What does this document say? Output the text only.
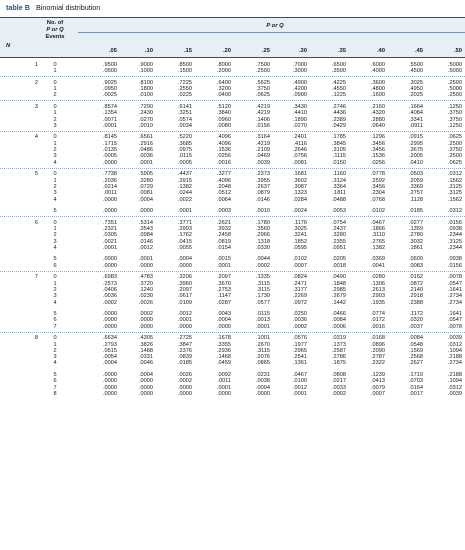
table B Binomial distribution
N
No. of
P or Q
Events
P or Q
.05	.10	.15	.20	.25	.30	.35	.40	.45	.50
1	0	.9500	.9000	.8500	.8000	.7500	.7000	.6500	.6000	.5500	.5000
1	.0500	.1000	.1500	.2000	.2500	.3000	.3500	.4000	.4500	.5000
2	0	.9025	.8100	.7225	.6400	.5625	.4900	.4225	.3600	.3025	.2500
1	.0950	.1800	.2550	.3200	.3750	.4200	.4550	.4800	.4950	.5000
2	.0025	.0100	.0225	.0400	.0625	.0900	.1225	.1600	.2025	.2500
3	0	.8574	.7290	.6141	.5120	.4219	.3430	.2746	.2160	.1664	.1250
1	.1354	.2430	.3251	.3840	.4219	.4410	.4436	.4320	.4084	.3750
2	.0071	.0270	.0574	.0960	.1406	.1890	.2389	.2880	.3341	.3750
3	.0001	.0010	.0034	.0080	.0156	.0270	.0429	.0640	.0911	.1250
4	0	.8145	.6561	.5220	.4096	.3164	.2401	.1785	.1296	.0915	.0625
1	.1715	.2916	.3685	.4096	.4219	.4116	.3845	.3456	.2995	.2500
2	.0135	.0486	.0975	.1536	.2109	.2646	.3105	.3456	.3675	.3750
3	.0005	.0036	.0115	.0256	.0469	.0756	.1115	.1536	.2005	.2500
4	.0000	.0001	.0005	.0016	.0039	.0081	.0150	.0256	.0410	.0625
5	0	.7738	.5905	.4437	.3277	.2373	.1681	.1160	.0778	.0503	.0312
1	.2036	.3280	.3915	.4096	.3955	.3602	.3124	.2592	.2059	.1562
2	.0214	.0729	.1382	.2048	.2637	.3087	.3364	.3456	.3369	.3125
3	.0011	.0081	.0244	.0512	.0879	.1323	.1811	.2304	.2757	.3125
4	.0000	.0004	.0022	.0064	.0146	.0284	.0488	.0768	.1128	.1562
5	.0000	.0000	.0001	.0003	.0010	.0024	.0053	.0102	.0185	.0312
6	0	.7351	.5314	.3771	.2621	.1780	.1176	.0754	.0467	.0277	.0156
1	.2321	.3543	.3993	.3932	.3560	.3025	.2437	.1866	.1359	.0938
2	.0305	.0984	.1762	.2458	.2966	.3241	.3280	.3110	.2780	.2344
3	.0021	.0146	.0415	.0819	.1318	.1852	.2355	.2765	.3032	.3125
4	.0001	.0012	.0055	.0154	.0330	.0595	.0951	.1382	.1861	.2344
5	.0000	.0001	.0004	.0015	.0044	.0102	.0205	.0369	.0609	.0938
6	.0000	.0000	.0000	.0001	.0002	.0007	.0018	.0041	.0083	.0156
7	0	.6983	.4783	.3206	.2097	.1335	.0824	.0490	.0280	.0152	.0078
1	.2573	.3720	.3960	.3670	.3115	.2471	.1848	.1306	.0872	.0547
2	.0406	.1240	.2097	.2753	.3115	.3177	.2985	.2613	.2140	.1641
3	.0036	.0230	.0617	.1147	.1730	.2269	.2679	.2903	.2918	.2734
4	.0002	.0026	.0109	.0287	.0577	.0972	.1442	.1935	.2388	.2734
5	.0000	.0002	.0012	.0043	.0115	.0250	.0466	.0774	.1172	.1641
6	.0000	.0000	.0001	.0004	.0013	.0036	.0084	.0172	.0320	.0547
7	.0000	.0000	.0000	.0000	.0001	.0002	.0006	.0016	.0037	.0078
8	0	.6634	.4305	.2725	.1678	.1001	.0576	.0319	.0168	.0084	.0039
1	.2793	.3826	.3847	.3355	.2670	.1977	.1373	.0896	.0548	.0312
2	.0515	.1488	.2376	.2936	.3115	.2965	.2587	.2090	.1569	.1094
3	.0054	.0331	.0839	.1468	.2076	.2541	.2786	.2787	.2568	.2188
4	.0004	.0046	.0185	.0459	.0865	.1361	.1875	.2322	.2627	.2734
5	.0000	.0004	.0026	.0092	.0231	.0467	.0808	.1239	.1719	.2188
6	.0000	.0000	.0002	.0011	.0038	.0100	.0217	.0413	.0703	.1094
7	.0000	.0000	.0000	.0001	.0004	.0012	.0033	.0079	.0164	.0312
8	.0000	.0000	.0000	.0000	.0000	.0001	.0002	.0007	.0017	.0039
